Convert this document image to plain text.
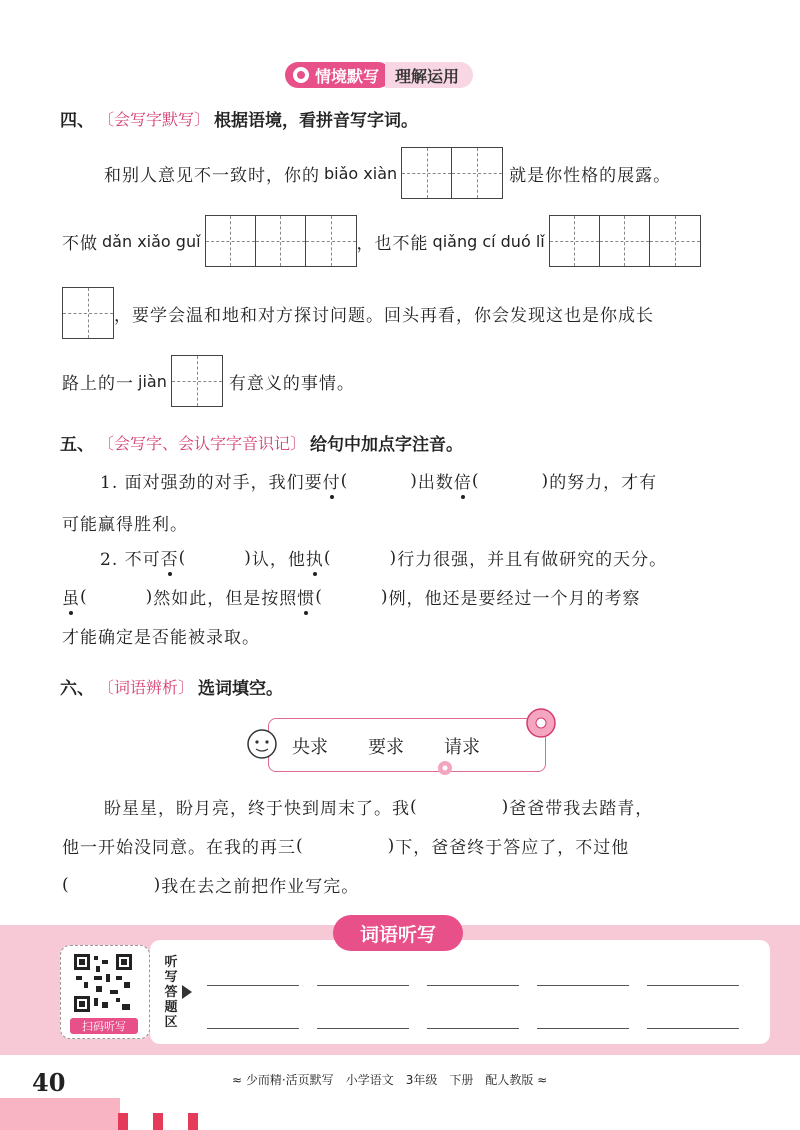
情境默写	理解运用
四、 〔会写字默写〕 根据语境，看拼音写字词。
和别人意见不一致时，你的 biǎo xiàn	就是你性格的展露。
不做 dǎn xiǎo guǐ	，也不能 qiǎng cí duó lǐ
，要学会温和地和对方探讨问题。回头再看，你会发现这也是你成长
路上的一 jiàn	有意义的事情。
五、 〔会写字、会认字字音识记〕 给句中加点字注音。
1. 面对强劲的对手，我们要 付 (	) 出数 倍 (	) 的努力，才有
可能赢得胜利。
2. 不可 否 (	) 认，他 执 (	) 行力很强，并且有做研究的天分。
虽 (	) 然如此，但是按照 惯 (	) 例，他还是要经过一个月的考察
才能确定是否能被录取。
六、 〔词语辨析〕 选词填空。
央求 要求 请求
盼星星，盼月亮，终于快到周末了。我 (	) 爸爸带我去踏青，
他一开始没同意。在我的再三 (	) 下，爸爸终于答应了，不过他
(	) 我在去之前把作业写完。
词语听写
扫码听写
听写答题区
40	≈ 少而精·活页默写 小学语文 3年级 下册 配人教版 ≈
